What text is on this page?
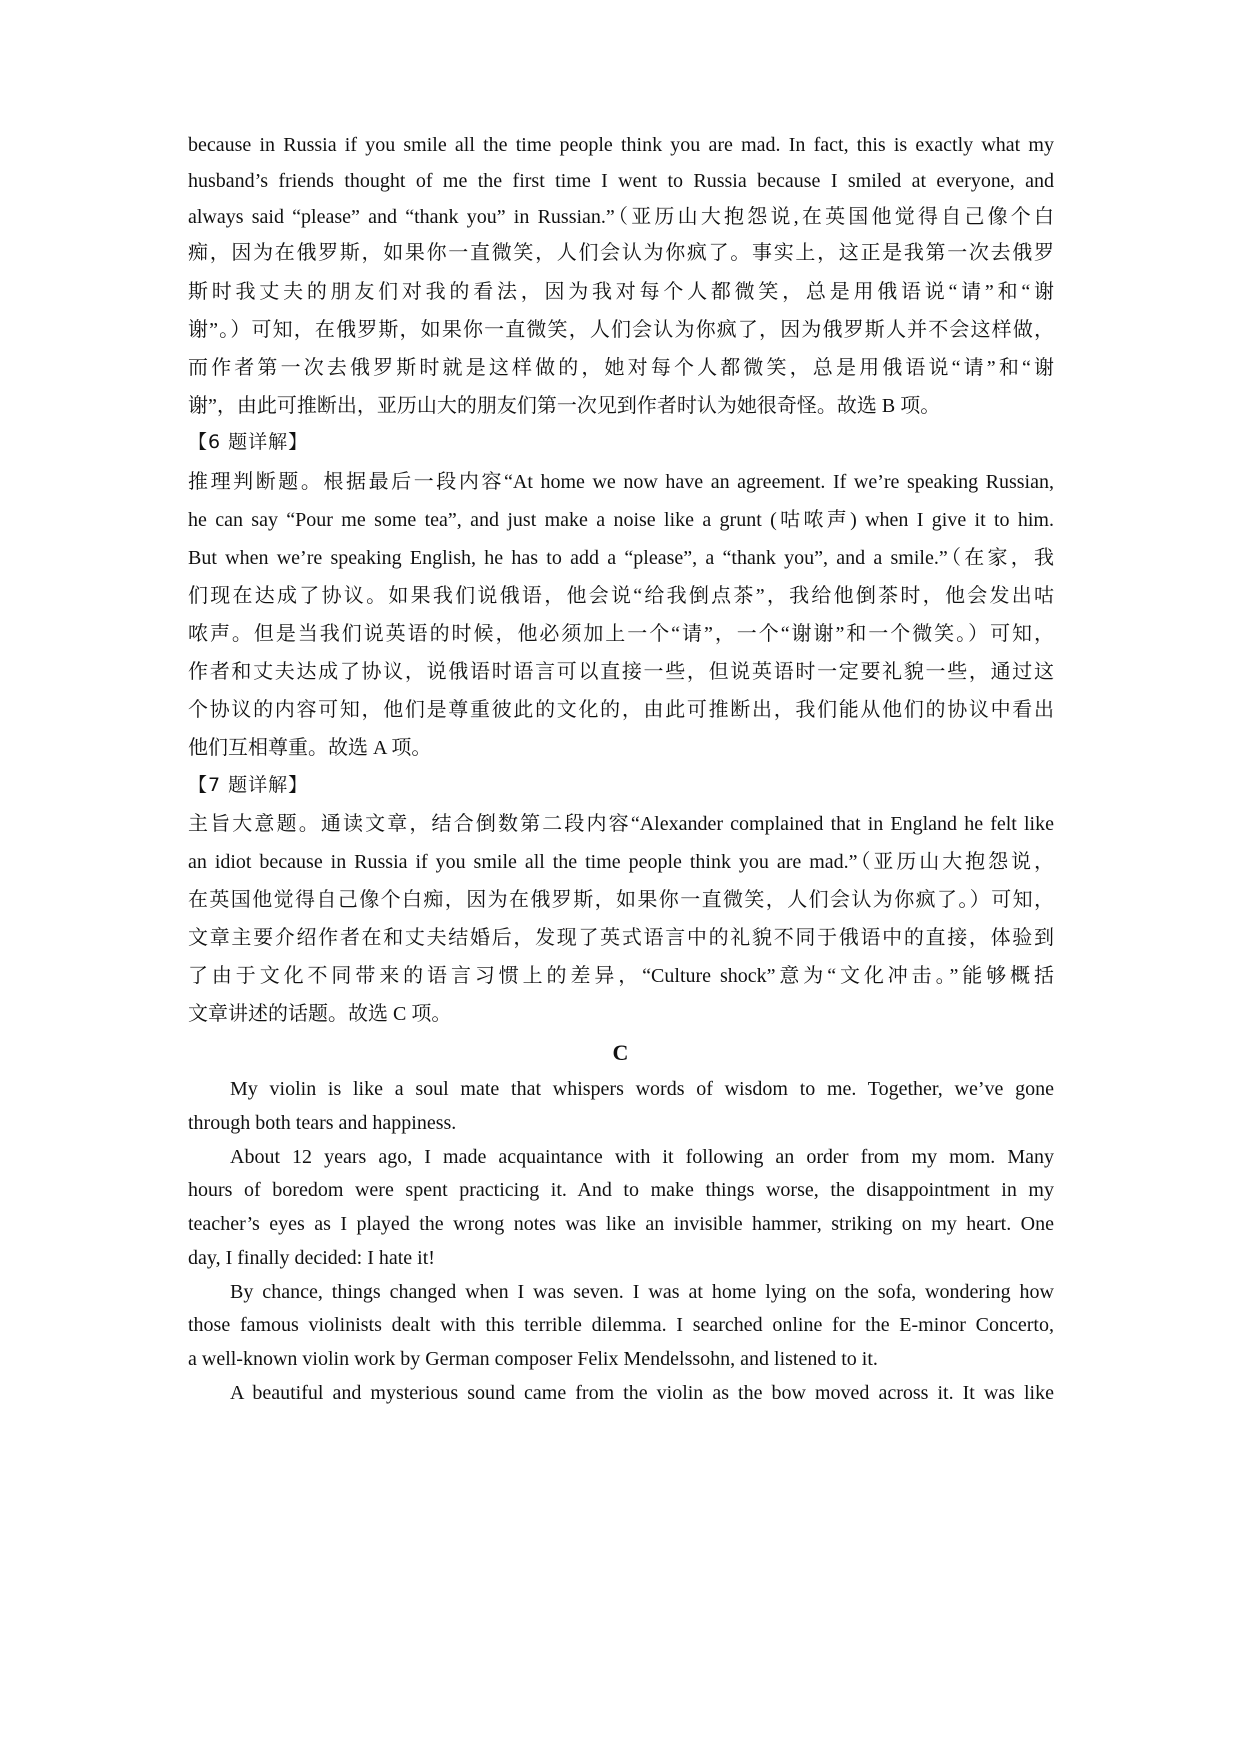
because in Russia if you smile all the time people think you are mad. In fact, this is exactly what my
husband’s friends thought of me the first time I went to Russia because I smiled at everyone, and
always said “please” and “thank you” in Russian.”（亚历山大抱怨说,在英国他觉得自己像个白
痴，因为在俄罗斯，如果你一直微笑，人们会认为你疯了。事实上，这正是我第一次去俄罗
斯时我丈夫的朋友们对我的看法，因为我对每个人都微笑，总是用俄语说“请”和“谢
谢”。）可知，在俄罗斯，如果你一直微笑，人们会认为你疯了，因为俄罗斯人并不会这样做，
而作者第一次去俄罗斯时就是这样做的，她对每个人都微笑，总是用俄语说“请”和“谢
谢”，由此可推断出，亚历山大的朋友们第一次见到作者时认为她很奇怪。故选 B 项。
【6 题详解】
推理判断题。根据最后一段内容“At home we now have an agreement. If we’re speaking Russian,
he can say “Pour me some tea”, and just make a noise like a grunt (咕哝声) when I give it to him.
But when we’re speaking English, he has to add a “please”, a “thank you”, and a smile.”（在家，我
们现在达成了协议。如果我们说俄语，他会说“给我倒点茶”，我给他倒茶时，他会发出咕
哝声。但是当我们说英语的时候，他必须加上一个“请”，一个“谢谢”和一个微笑。）可知，
作者和丈夫达成了协议，说俄语时语言可以直接一些，但说英语时一定要礼貌一些，通过这
个协议的内容可知，他们是尊重彼此的文化的，由此可推断出，我们能从他们的协议中看出
他们互相尊重。故选 A 项。
【7 题详解】
主旨大意题。通读文章，结合倒数第二段内容“Alexander complained that in England he felt like
an idiot because in Russia if you smile all the time people think you are mad.”（亚历山大抱怨说，
在英国他觉得自己像个白痴，因为在俄罗斯，如果你一直微笑，人们会认为你疯了。）可知，
文章主要介绍作者在和丈夫结婚后，发现了英式语言中的礼貌不同于俄语中的直接，体验到
了由于文化不同带来的语言习惯上的差异，“Culture shock”意为“文化冲击。”能够概括
文章讲述的话题。故选 C 项。
C
My violin is like a soul mate that whispers words of wisdom to me. Together, we’ve gone
through both tears and happiness.
About 12 years ago, I made acquaintance with it following an order from my mom. Many
hours of boredom were spent practicing it. And to make things worse, the disappointment in my
teacher’s eyes as I played the wrong notes was like an invisible hammer, striking on my heart. One
day, I finally decided: I hate it!
By chance, things changed when I was seven. I was at home lying on the sofa, wondering how
those famous violinists dealt with this terrible dilemma. I searched online for the E-minor Concerto,
a well-known violin work by German composer Felix Mendelssohn, and listened to it.
A beautiful and mysterious sound came from the violin as the bow moved across it. It was like
